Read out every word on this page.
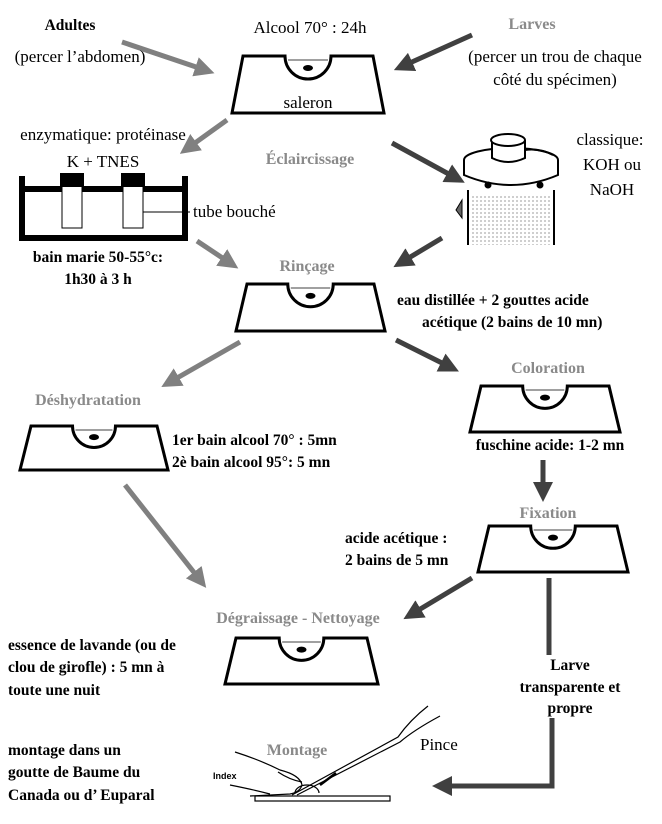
Adultes
(percer l’abdomen)
Alcool 70° : 24h
saleron
Larves
(percer un trou de chaque
côté du spécimen)
enzymatique: protéinase
K + TNES	Éclaircissage
tube bouché
bain marie 50-55°c:
1h30 à 3 h
classique:
KOH ou
NaOH
Rinçage
eau distillée + 2 gouttes acide
acétique (2 bains de 10 mn)
Déshydratation
1er bain alcool 70° : 5mn
2è bain alcool 95°: 5 mn
Coloration
fuschine acide: 1-2 mn
Fixation
acide acétique :
2 bains de 5 mn
Dégraissage - Nettoyage
essence de lavande (ou de
clou de girofle) : 5 mn à
toute une nuit
Larve
transparente et
propre
Montage
montage dans un
goutte de Baume du
Canada ou d’ Euparal
Pince
Index
